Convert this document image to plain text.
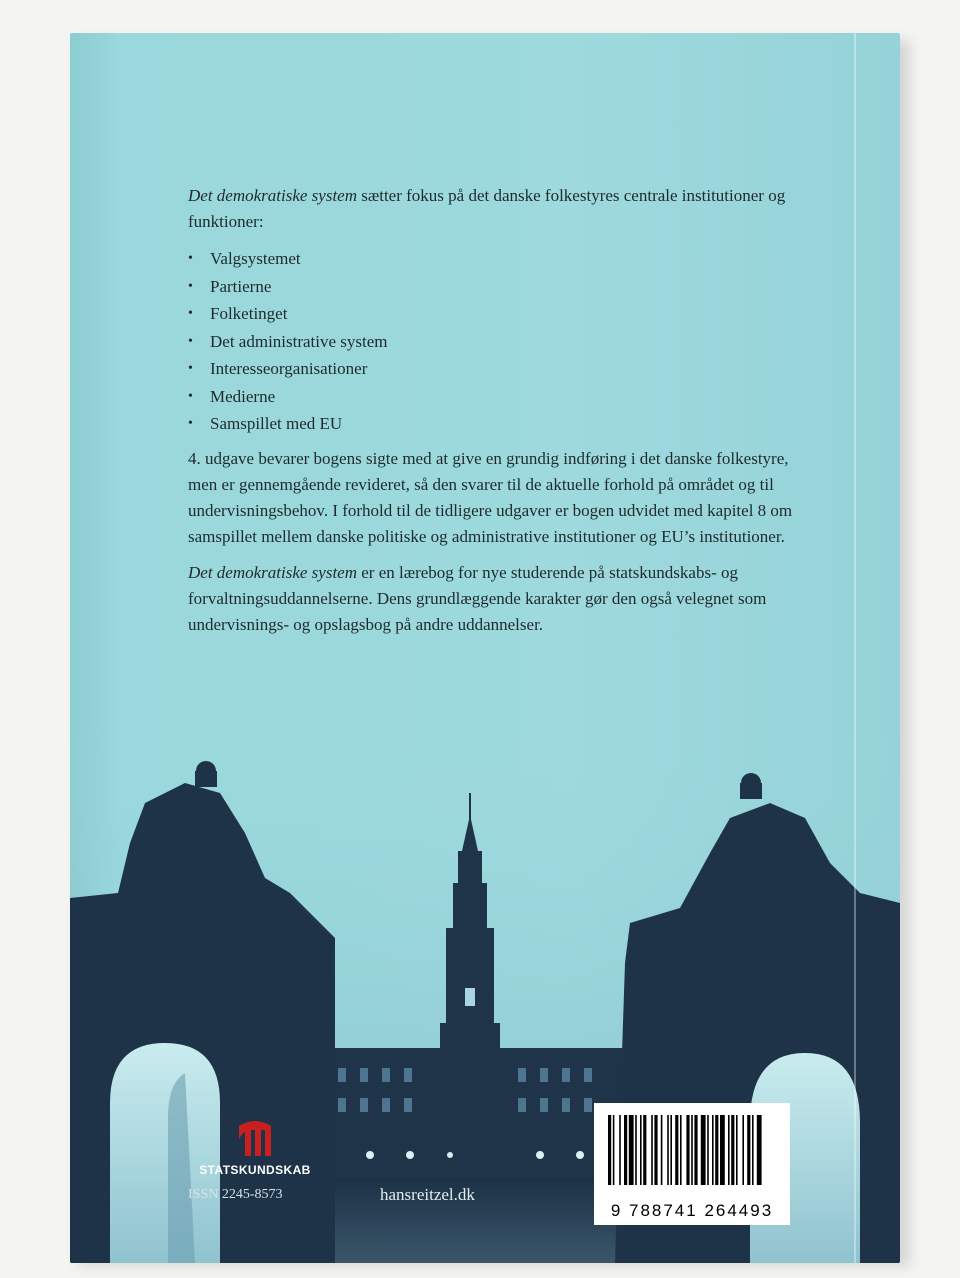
Det demokratiske system sætter fokus på det danske folkestyres centrale institutioner og funktioner:

• Valgsystemet
• Partierne
• Folketinget
• Det administrative system
• Interesseorganisationer
• Medierne
• Samspillet med EU

4. udgave bevarer bogens sigte med at give en grundig indføring i det danske folkestyre, men er gennemgående revideret, så den svarer til de aktuelle forhold på området og til undervisningsbehov. I forhold til de tidligere udgaver er bogen udvidet med kapitel 8 om samspillet mellem danske politiske og administrative institutioner og EU’s institutioner.

Det demokratiske system er en lærebog for nye studerende på statskundskabs- og forvaltningsuddannelserne. Dens grundlæggende karakter gør den også velegnet som undervisnings- og opslagsbog på andre uddannelser.

STATSKUNDSKAB
ISSN 2245-8573	hansreitzel.dk
9 788741 264493
